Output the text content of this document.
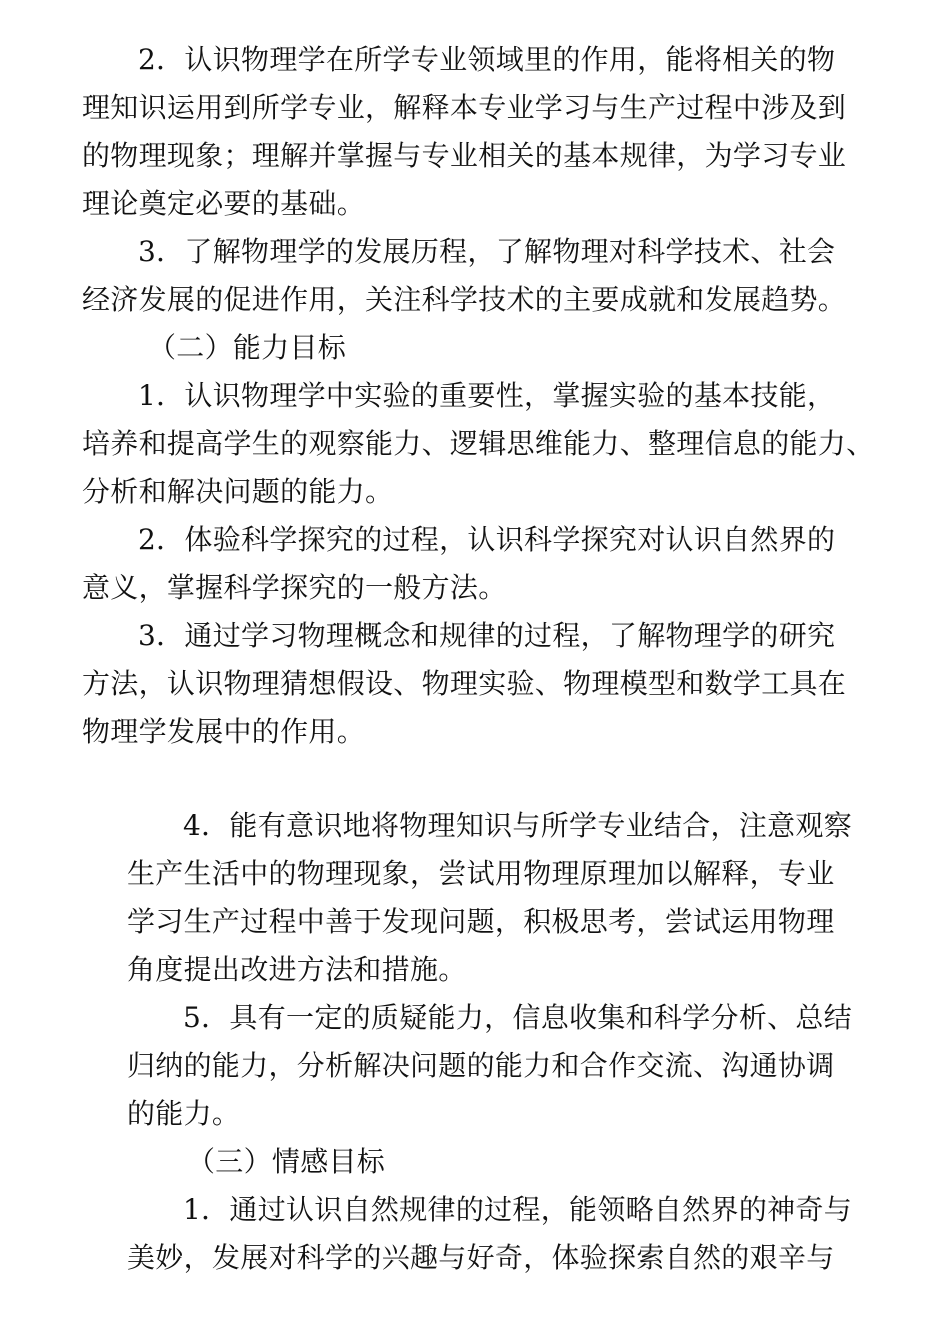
2．认识物理学在所学专业领域里的作用，能将相关的物
理知识运用到所学专业，解释本专业学习与生产过程中涉及到
的物理现象；理解并掌握与专业相关的基本规律，为学习专业
理论奠定必要的基础。
3．了解物理学的发展历程，了解物理对科学技术、社会
经济发展的促进作用，关注科学技术的主要成就和发展趋势。
（二）能力目标
1．认识物理学中实验的重要性，掌握实验的基本技能，
培养和提高学生的观察能力、逻辑思维能力、整理信息的能力、
分析和解决问题的能力。
2．体验科学探究的过程，认识科学探究对认识自然界的
意义，掌握科学探究的一般方法。
3．通过学习物理概念和规律的过程，了解物理学的研究
方法，认识物理猜想假设、物理实验、物理模型和数学工具在
物理学发展中的作用。
4．能有意识地将物理知识与所学专业结合，注意观察
生产生活中的物理现象，尝试用物理原理加以解释，专业
学习生产过程中善于发现问题，积极思考，尝试运用物理
角度提出改进方法和措施。
5．具有一定的质疑能力，信息收集和科学分析、总结
归纳的能力，分析解决问题的能力和合作交流、沟通协调
的能力。
（三）情感目标
1．通过认识自然规律的过程，能领略自然界的神奇与
美妙，发展对科学的兴趣与好奇，体验探索自然的艰辛与
